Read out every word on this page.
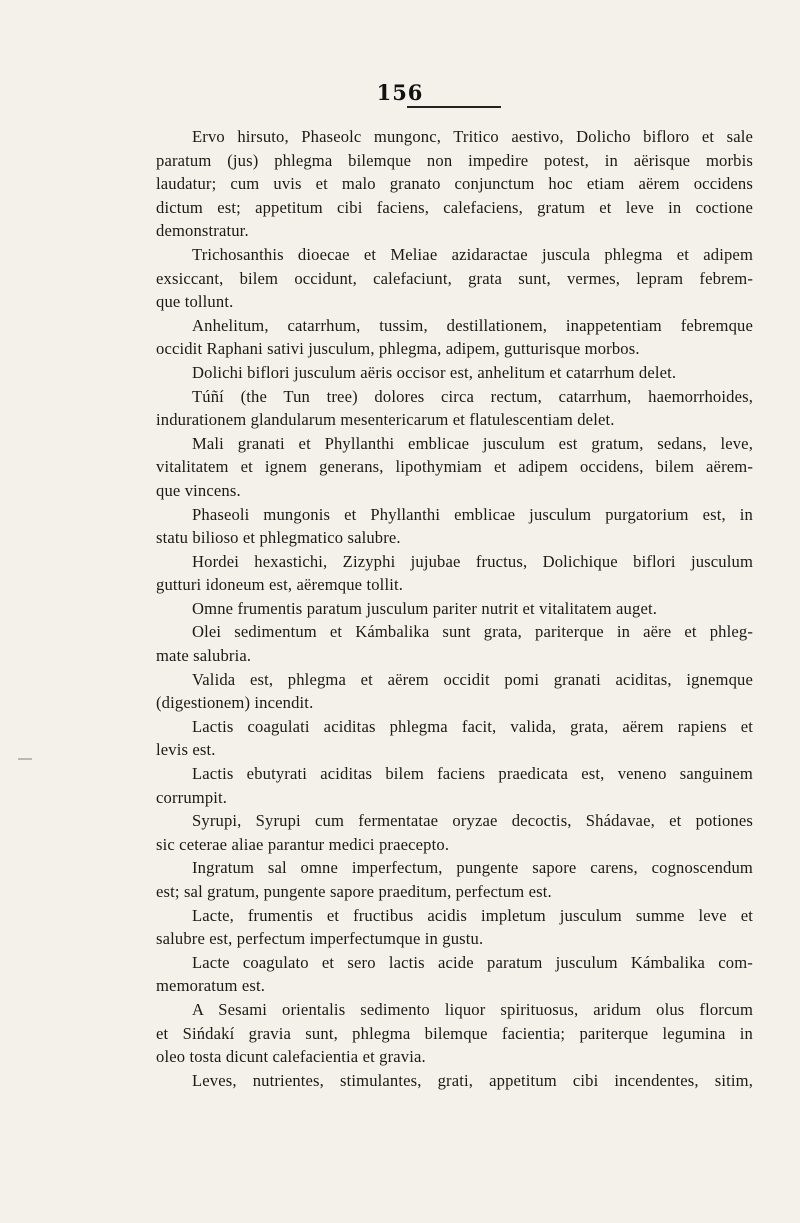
156
Ervo hirsuto, Phaseolc mungonc, Tritico aestivo, Dolicho bifloro et sale
paratum (jus) phlegma bilemque non impedire potest, in aërisque morbis
laudatur; cum uvis et malo granato conjunctum hoc etiam aërem occidens
dictum est; appetitum cibi faciens, calefaciens, gratum et leve in coctione
demonstratur.
Trichosanthis dioecae et Meliae azidaractae juscula phlegma et adipem
exsiccant, bilem occidunt, calefaciunt, grata sunt, vermes, lepram febrem-
que tollunt.
Anhelitum, catarrhum, tussim, destillationem, inappetentiam febremque
occidit Raphani sativi jusculum, phlegma, adipem, gutturisque morbos.
Dolichi biflori jusculum aëris occisor est, anhelitum et catarrhum delet.
Túñí (the Tun tree) dolores circa rectum, catarrhum, haemorrhoides,
indurationem glandularum mesentericarum et flatulescentiam delet.
Mali granati et Phyllanthi emblicae jusculum est gratum, sedans, leve,
vitalitatem et ignem generans, lipothymiam et adipem occidens, bilem aërem-
que vincens.
Phaseoli mungonis et Phyllanthi emblicae jusculum purgatorium est, in
statu bilioso et phlegmatico salubre.
Hordei hexastichi, Zizyphi jujubae fructus, Dolichique biflori jusculum
gutturi idoneum est, aëremque tollit.
Omne frumentis paratum jusculum pariter nutrit et vitalitatem auget.
Olei sedimentum et Kámbalika sunt grata, pariterque in aëre et phleg-
mate salubria.
Valida est, phlegma et aërem occidit pomi granati aciditas, ignemque
(digestionem) incendit.
Lactis coagulati aciditas phlegma facit, valida, grata, aërem rapiens et
levis est.
Lactis ebutyrati aciditas bilem faciens praedicata est, veneno sanguinem
corrumpit.
Syrupi, Syrupi cum fermentatae oryzae decoctis, Shádavae, et potiones
sic ceterae aliae parantur medici praecepto.
Ingratum sal omne imperfectum, pungente sapore carens, cognoscendum
est; sal gratum, pungente sapore praeditum, perfectum est.
Lacte, frumentis et fructibus acidis impletum jusculum summe leve et
salubre est, perfectum imperfectumque in gustu.
Lacte coagulato et sero lactis acide paratum jusculum Kámbalika com-
memoratum est.
A Sesami orientalis sedimento liquor spirituosus, aridum olus florcum
et Sińdakí gravia sunt, phlegma bilemque facientia; pariterque legumina in
oleo tosta dicunt calefacientia et gravia.
Leves, nutrientes, stimulantes, grati, appetitum cibi incendentes, sitim,
